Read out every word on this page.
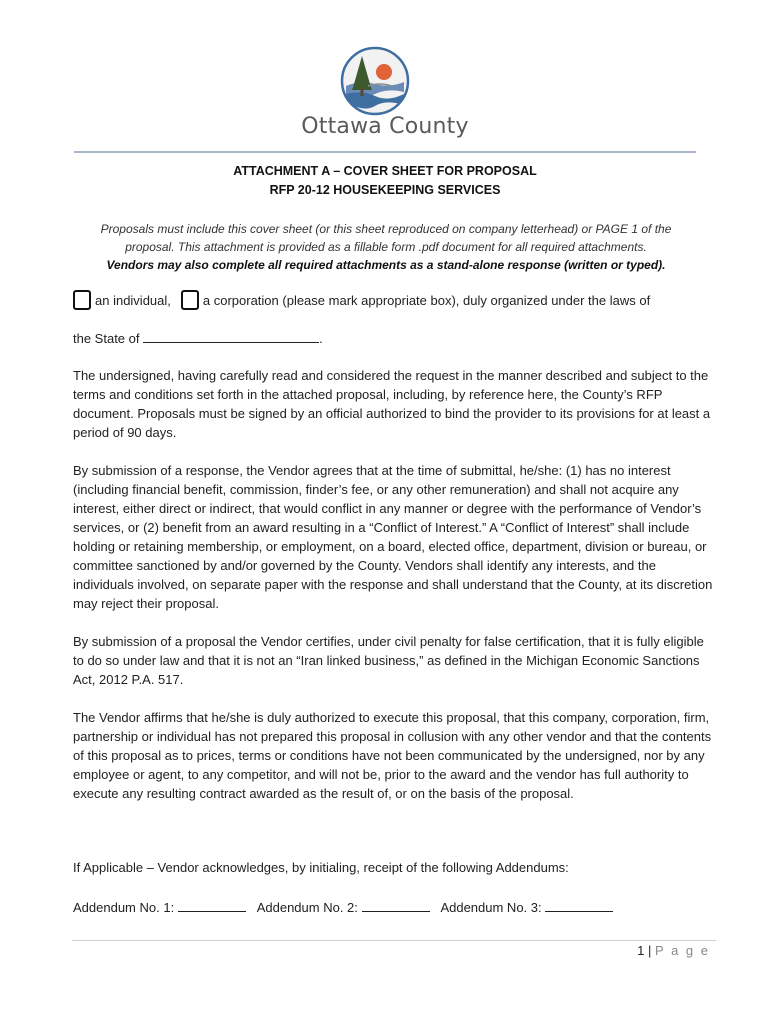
Ottawa County
ATTACHMENT A – COVER SHEET FOR PROPOSAL
RFP 20-12 HOUSEKEEPING SERVICES
Proposals must include this cover sheet (or this sheet reproduced on company letterhead) or PAGE 1 of the proposal. This attachment is provided as a fillable form .pdf document for all required attachments.
Vendors may also complete all required attachments as a stand-alone response (written or typed).
an individual, a corporation (please mark appropriate box), duly organized under the laws of
the State of	.
The undersigned, having carefully read and considered the request in the manner described and subject to the terms and conditions set forth in the attached proposal, including, by reference here, the County’s RFP document. Proposals must be signed by an official authorized to bind the provider to its provisions for at least a period of 90 days.
By submission of a response, the Vendor agrees that at the time of submittal, he/she: (1) has no interest (including financial benefit, commission, finder’s fee, or any other remuneration) and shall not acquire any interest, either direct or indirect, that would conflict in any manner or degree with the performance of Vendor’s services, or (2) benefit from an award resulting in a “Conflict of Interest.” A “Conflict of Interest” shall include holding or retaining membership, or employment, on a board, elected office, department, division or bureau, or committee sanctioned by and/or governed by the County. Vendors shall identify any interests, and the individuals involved, on separate paper with the response and shall understand that the County, at its discretion may reject their proposal.
By submission of a proposal the Vendor certifies, under civil penalty for false certification, that it is fully eligible to do so under law and that it is not an “Iran linked business,” as defined in the Michigan Economic Sanctions Act, 2012 P.A. 517.
The Vendor affirms that he/she is duly authorized to execute this proposal, that this company, corporation, firm, partnership or individual has not prepared this proposal in collusion with any other vendor and that the contents of this proposal as to prices, terms or conditions have not been communicated by the undersigned, nor by any employee or agent, to any competitor, and will not be, prior to the award and the vendor has full authority to execute any resulting contract awarded as the result of, or on the basis of the proposal.
If Applicable – Vendor acknowledges, by initialing, receipt of the following Addendums:
Addendum No. 1:	Addendum No. 2:	Addendum No. 3:
1 | P a g e
